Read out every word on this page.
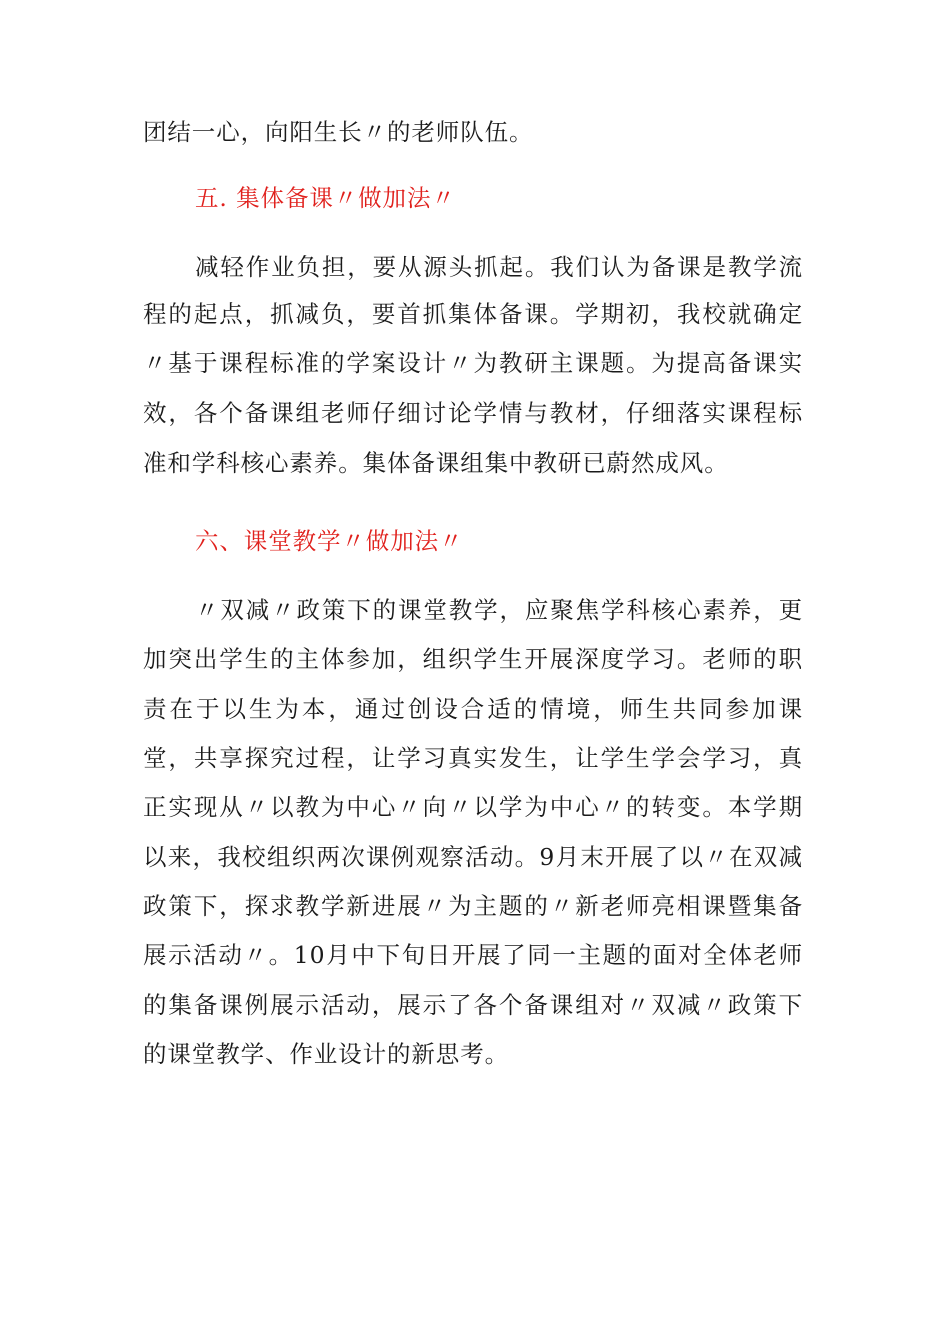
团结一心，向阳生长〃的老师队伍。
五. 集体备课〃做加法〃
减轻作业负担，要从源头抓起。我们认为备课是教学流
程的起点，抓减负，要首抓集体备课。学期初，我校就确定
〃基于课程标准的学案设计〃为教研主课题。为提高备课实
效，各个备课组老师仔细讨论学情与教材，仔细落实课程标
准和学科核心素养。集体备课组集中教研已蔚然成风。
六、课堂教学〃做加法〃
〃双减〃政策下的课堂教学，应聚焦学科核心素养，更
加突出学生的主体参加，组织学生开展深度学习。老师的职
责在于以生为本，通过创设合适的情境，师生共同参加课
堂，共享探究过程，让学习真实发生，让学生学会学习，真
正实现从〃以教为中心〃向〃以学为中心〃的转变。本学期
以来，我校组织两次课例观察活动。9月末开展了以〃在双减
政策下，探求教学新进展〃为主题的〃新老师亮相课暨集备
展示活动〃。10月中下旬日开展了同一主题的面对全体老师
的集备课例展示活动，展示了各个备课组对〃双减〃政策下
的课堂教学、作业设计的新思考。
